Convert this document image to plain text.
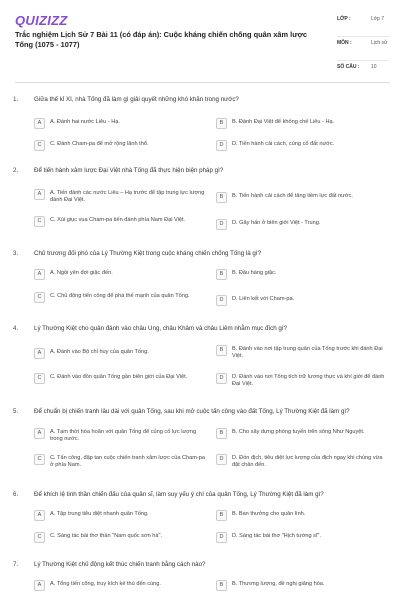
QUIZIZZ
Trắc nghiệm Lịch Sử 7 Bài 11 (có đáp án): Cuộc kháng chiến chống quân xâm lược Tống (1075 - 1077)
LỚP :	Lớp 7
MÔN :	Lịch sử
SỐ CÂU : 10
1.	Giữa thế kỉ XI, nhà Tống đã làm gì giải quyết những khó khăn trong nước?
A	A. Đánh hai nước Liêu - Hạ.	B	B. Đánh Đại Việt để khống chế Liêu - Hạ.
C	C. Đánh Cham-pa để mở rộng lãnh thổ.	D	D. Tiến hành cải cách, củng cố đất nước.
2.	Để tiến hành xâm lược Đại Việt nhà Tống đã thực hiện biện pháp gì?
A	A. Tiến đánh các nước Liêu – Hạ trước để tập trung lực lượng đánh Đại Việt.
B	B. Tiến hành cải cách để tăng tiềm lực đất nước.
C	C. Xúi giục vua Cham-pa tiến đánh phía Nam Đại Việt.
D	D. Gây hấn ở biên giới Việt - Trung.
3.	Chủ trương đối phó của Lý Thường Kiệt trong cuộc kháng chiến chống Tống là gì?
A	A. Ngồi yên đợi giặc đến.	B	B. Đầu hàng giặc.
C	C. Chủ động tiến công để phá thế mạnh của quân Tống.
D	D. Liên kết với Cham-pa.
4.	Lý Thường Kiệt cho quân đánh vào châu Ung, châu Khâm và châu Liêm nhằm mục đích gì?
A	A. Đánh vào Bộ chỉ huy của quân Tống.	B	B. Đánh vào nơi tập trung quân của Tống trước khi đánh Đại Việt.
C	C. Đánh vào đồn quân Tống gần biên giới của Đại Việt.	D	D. Đánh vào nơi Tống tích trữ lương thực và khí giới để đánh Đại Việt.
5.	Để chuẩn bị chiến tranh lâu dài với quân Tống, sau khi mở cuộc tấn công vào đất Tống, Lý Thường Kiệt đã làm gì?
A	A. Tạm thời hòa hoãn với quân Tống để củng cố lực lượng trong nước.
B	B. Cho xây dựng phòng tuyến trên sông Như Nguyệt.
C	C. Tấn công, đập tan cuộc chiến tranh xâm lược của Cham-pa ở phía Nam.
D	D. Đón địch, tiêu diệt lực lượng của địch ngay khi chúng vừa đặt chân đến.
6.	Để khích lệ tinh thần chiến đấu của quân sĩ, làm suy yếu ý chí của quân Tống, Lý Thường Kiệt đã làm gì?
A	A. Tập trung tiêu diệt nhanh quân Tống.	B	B. Ban thưởng cho quân lính.
C	C. Sáng tác bài thơ thần "Nam quốc sơn hà".	D	D. Sáng tác bài thơ "Hịch tướng sĩ".
7.	Lý Thường Kiệt chủ động kết thúc chiến tranh bằng cách nào?
A	A. Tổng tiến công, truy kích kẻ thù đến cùng.	B	B. Thương lượng, đề nghị giảng hòa.
